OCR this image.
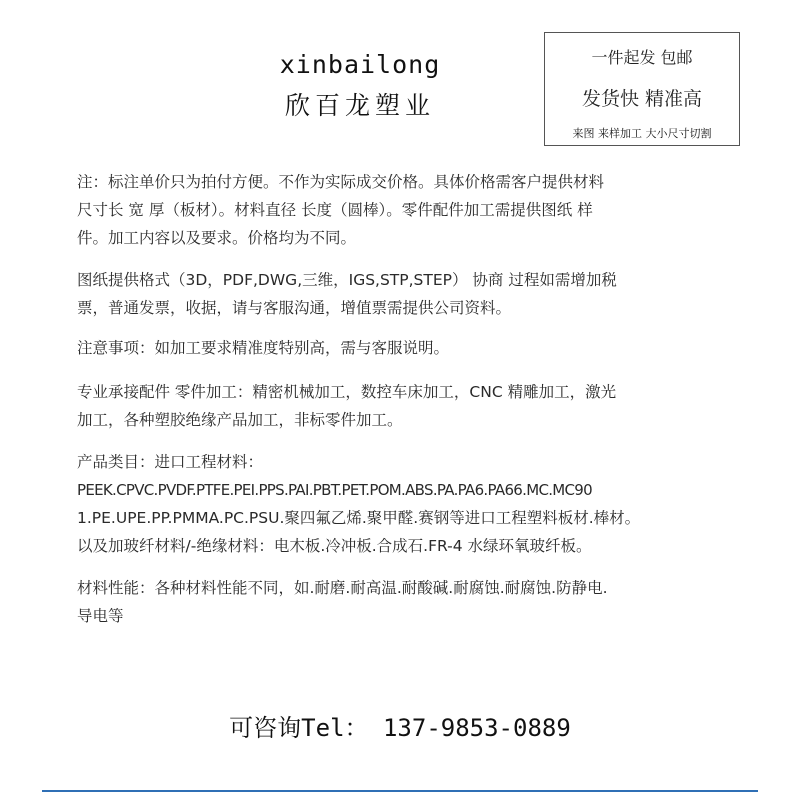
xinbailong
欣百龙塑业
一件起发 包邮
发货快 精准高
来图 来样加工 大小尺寸切割

注：标注单价只为拍付方便。不作为实际成交价格。具体价格需客户提供材料
尺寸长 宽 厚（板材）。材料直径 长度（圆棒）。零件配件加工需提供图纸 样
件。加工内容以及要求。价格均为不同。

图纸提供格式（3D，PDF,DWG,三维，IGS,STP,STEP） 协商 过程如需增加税
票，普通发票，收据，请与客服沟通，增值票需提供公司资料。

注意事项：如加工要求精准度特别高，需与客服说明。

专业承接配件 零件加工：精密机械加工，数控车床加工，CNC 精雕加工，激光
加工，各种塑胶绝缘产品加工，非标零件加工。

产品类目：进口工程材料：
PEEK.CPVC.PVDF.PTFE.PEI.PPS.PAI.PBT.PET.POM.ABS.PA.PA6.PA66.MC.MC90
1.PE.UPE.PP.PMMA.PC.PSU.聚四氟乙烯.聚甲醛.赛钢等进口工程塑料板材.棒材。
以及加玻纤材料/-绝缘材料：电木板.冷冲板.合成石.FR-4 水绿环氧玻纤板。

材料性能：各种材料性能不同，如.耐磨.耐高温.耐酸碱.耐腐蚀.耐腐蚀.防静电.
导电等

可咨询Tel： 137-9853-0889
